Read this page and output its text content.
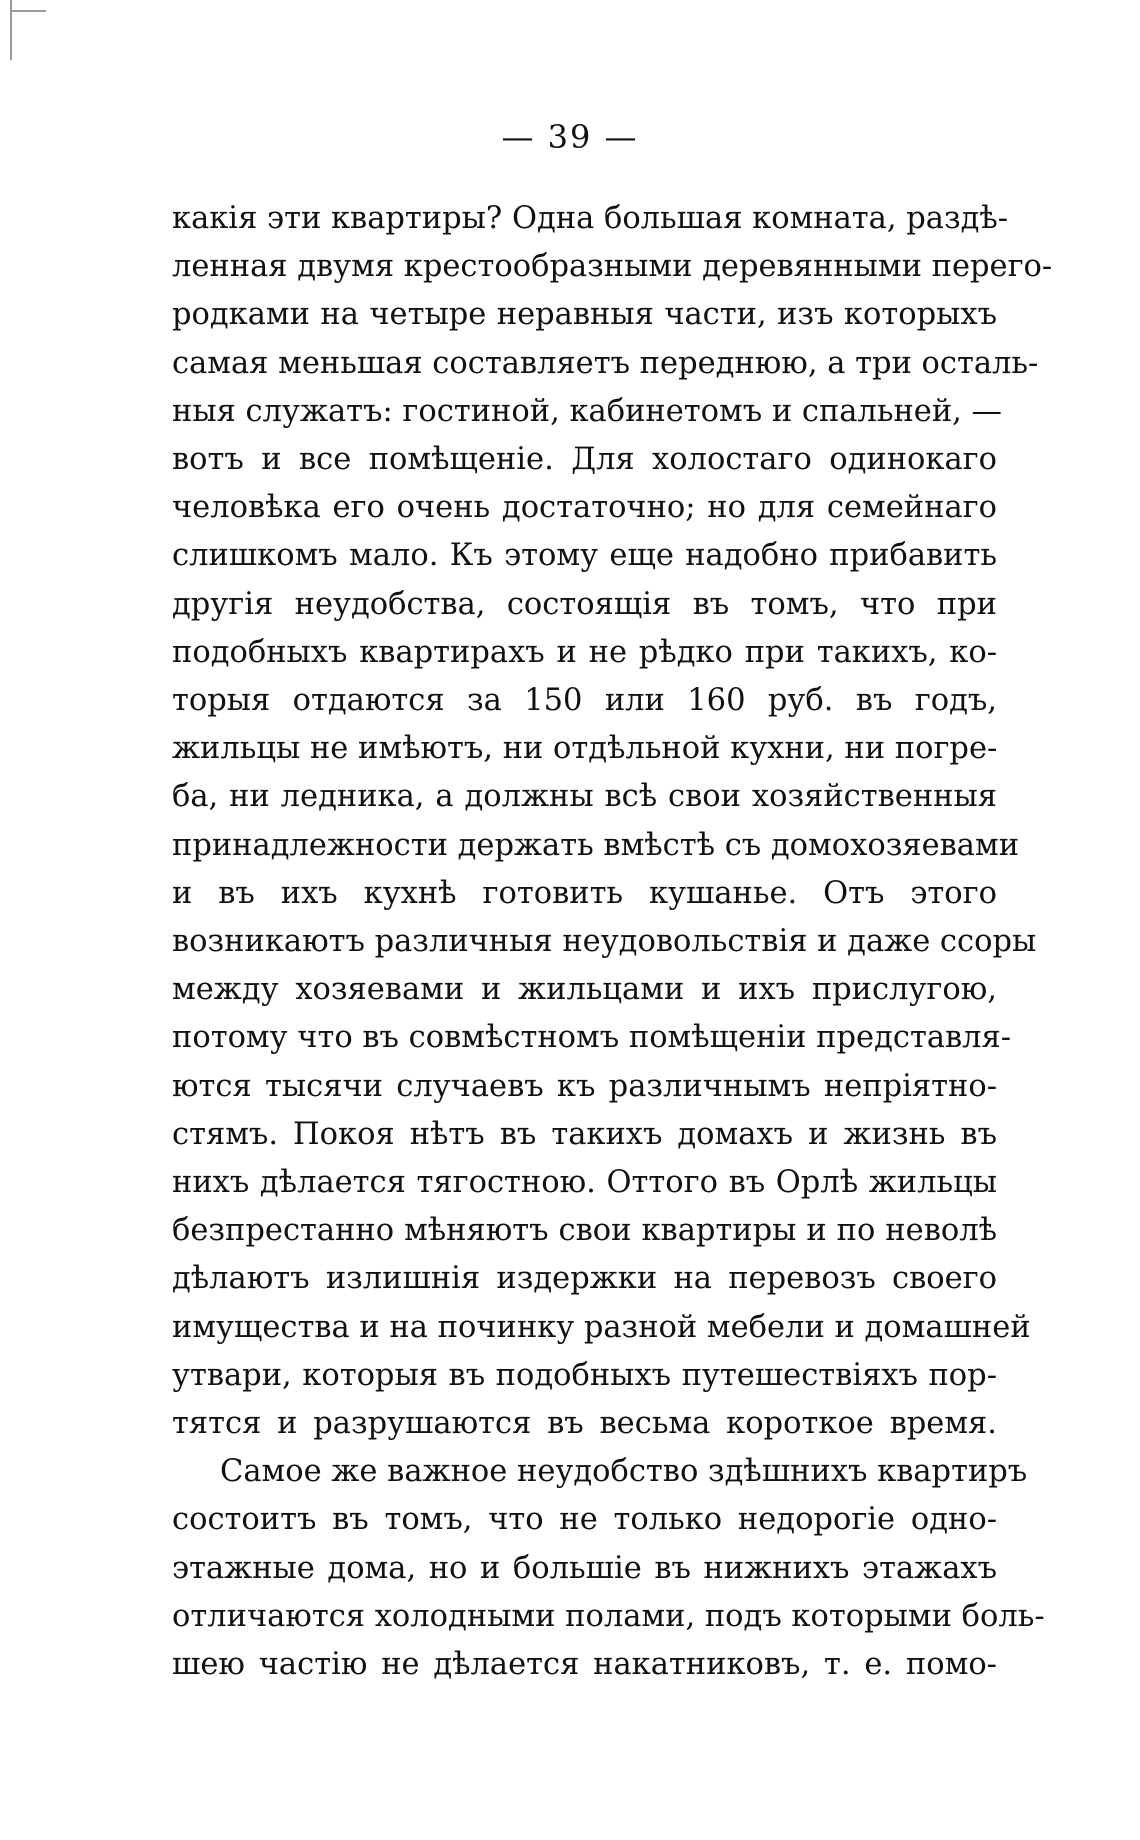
— 39 —
какія эти квартиры? Одна большая комната, раздѣ-
ленная двумя крестообразными деревянными перего-
родками на четыре неравныя части, изъ которыхъ
самая меньшая составляетъ переднюю, а три осталь-
ныя служатъ: гостиной, кабинетомъ и спальней, —
вотъ и все помѣщеніе. Для холостаго одинокаго
человѣка его очень достаточно; но для семейнаго
слишкомъ мало. Къ этому еще надобно прибавить
другія неудобства, состоящія въ томъ, что при
подобныхъ квартирахъ и не рѣдко при такихъ, ко-
торыя отдаются за 150 или 160 руб. въ годъ,
жильцы не имѣютъ, ни отдѣльной кухни, ни погре-
ба, ни ледника, а должны всѣ свои хозяйственныя
принадлежности держать вмѣстѣ съ домохозяевами
и въ ихъ кухнѣ готовить кушанье. Отъ этого
возникаютъ различныя неудовольствія и даже ссоры
между хозяевами и жильцами и ихъ прислугою,
потому что въ совмѣстномъ помѣщеніи представля-
ются тысячи случаевъ къ различнымъ непріятно-
стямъ. Покоя нѣтъ въ такихъ домахъ и жизнь въ
нихъ дѣлается тягостною. Оттого въ Орлѣ жильцы
безпрестанно мѣняютъ свои квартиры и по неволѣ
дѣлаютъ излишнія издержки на перевозъ своего
имущества и на починку разной мебели и домашней
утвари, которыя въ подобныхъ путешествіяхъ пор-
тятся и разрушаются въ весьма короткое время.
Самое же важное неудобство здѣшнихъ квартиръ
состоитъ въ томъ, что не только недорогіе одно-
этажные дома, но и большіе въ нижнихъ этажахъ
отличаются холодными полами, подъ которыми боль-
шею частію не дѣлается накатниковъ, т. е. помо-
